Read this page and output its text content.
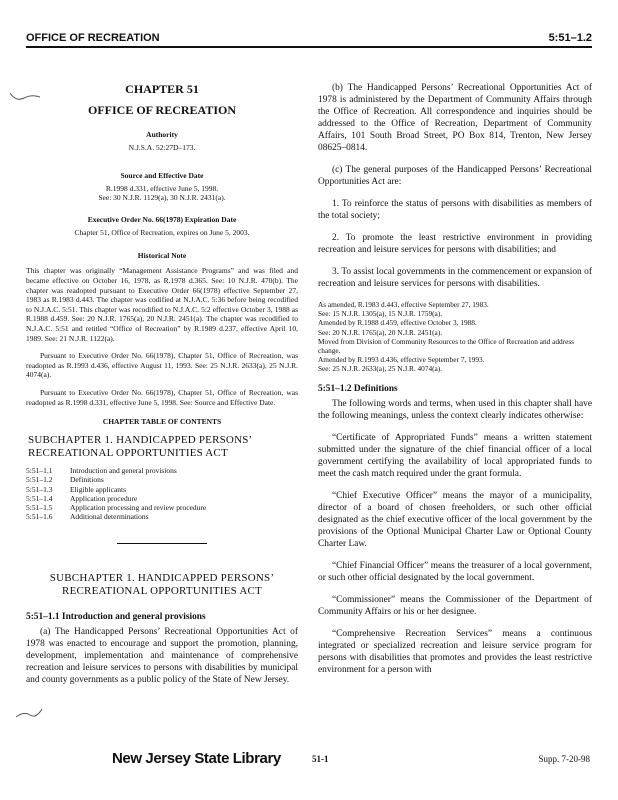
OFFICE OF RECREATION	5:51–1.2
CHAPTER 51
OFFICE OF RECREATION
Authority
N.J.S.A. 52:27D–173.
Source and Effective Date
R.1998 d.331, effective June 5, 1998.
See: 30 N.J.R. 1129(a), 30 N.J.R. 2431(a).
Executive Order No. 66(1978) Expiration Date
Chapter 51, Office of Recreation, expires on June 5, 2003.
Historical Note

This chapter was originally “Management Assistance Programs” and was filed and became effective on October 16, 1978, as R.1978 d.365. See: 10 N.J.R. 470(b). The chapter was readopted pursuant to Executive Order 66(1978) effective September 27, 1983 as R.1983 d.443. The chapter was codified at N.J.A.C. 5:36 before being recodified to N.J.A.C. 5:51. This chapter was recodified to N.J.A.C. 5:2 effective October 3, 1988 as R.1988 d.459. See: 20 N.J.R. 1765(a), 20 N.J.R. 2451(a). The chapter was recodified to N.J.A.C. 5:51 and retitled “Office of Recreation” by R.1989 d.237, effective April 10, 1989. See: 21 N.J.R. 1122(a).

Pursuant to Executive Order No. 66(1978), Chapter 51, Office of Recreation, was readopted as R.1993 d.436, effective August 11, 1993. See: 25 N.J.R. 2633(a), 25 N.J.R. 4074(a).

Pursuant to Executive Order No. 66(1978), Chapter 51, Office of Recreation, was readopted as R.1998 d.331, effective June 5, 1998. See: Source and Effective Date.

CHAPTER TABLE OF CONTENTS
SUBCHAPTER 1. HANDICAPPED PERSONS’
RECREATIONAL OPPORTUNITIES ACT
5:51–1.1	Introduction and general provisions
5:51–1.2	Definitions
5:51–1.3	Eligible applicants
5:51–1.4	Application procedure
5:51–1.5	Application processing and review procedure
5:51–1.6	Additional determinations
SUBCHAPTER 1. HANDICAPPED PERSONS’
RECREATIONAL OPPORTUNITIES ACT
5:51–1.1 Introduction and general provisions

(a) The Handicapped Persons’ Recreational Opportunities Act of 1978 was enacted to encourage and support the promotion, planning, development, implementation and maintenance of comprehensive recreation and leisure services to persons with disabilities by municipal and county governments as a public policy of the State of New Jersey.

(b) The Handicapped Persons’ Recreational Opportunities Act of 1978 is administered by the Department of Community Affairs through the Office of Recreation. All correspondence and inquiries should be addressed to the Office of Recreation, Department of Community Affairs, 101 South Broad Street, PO Box 814, Trenton, New Jersey 08625–0814.

(c) The general purposes of the Handicapped Persons’ Recreational Opportunities Act are:

1. To reinforce the status of persons with disabilities as members of the total society;

2. To promote the least restrictive environment in providing recreation and leisure services for persons with disabilities; and

3. To assist local governments in the commencement or expansion of recreation and leisure services for persons with disabilities.

As amended, R.1983 d.443, effective September 27, 1983.
See: 15 N.J.R. 1305(a), 15 N.J.R. 1759(a).
Amended by R.1988 d.459, effective October 3, 1988.
See: 20 N.J.R. 1765(a), 20 N.J.R. 2451(a).
Moved from Division of Community Resources to the Office of Recreation and address change.
Amended by R.1993 d.436, effective September 7, 1993.
See: 25 N.J.R. 2633(a), 25 N.J.R. 4074(a).
5:51–1.2 Definitions

The following words and terms, when used in this chapter shall have the following meanings, unless the context clearly indicates otherwise:

“Certificate of Appropriated Funds” means a written statement submitted under the signature of the chief financial officer of a local government certifying the availability of local appropriated funds to meet the cash match required under the grant formula.

“Chief Executive Officer” means the mayor of a municipality, director of a board of chosen freeholders, or such other official designated as the chief executive officer of the local government by the provisions of the Optional Municipal Charter Law or Optional County Charter Law.

“Chief Financial Officer” means the treasurer of a local government, or such other official designated by the local government.

“Commissioner” means the Commissioner of the Department of Community Affairs or his or her designee.

“Comprehensive Recreation Services” means a continuous integrated or specialized recreation and leisure service program for persons with disabilities that promotes and provides the least restrictive environment for a person with

New Jersey State Library	51-1	Supp. 7-20-98
